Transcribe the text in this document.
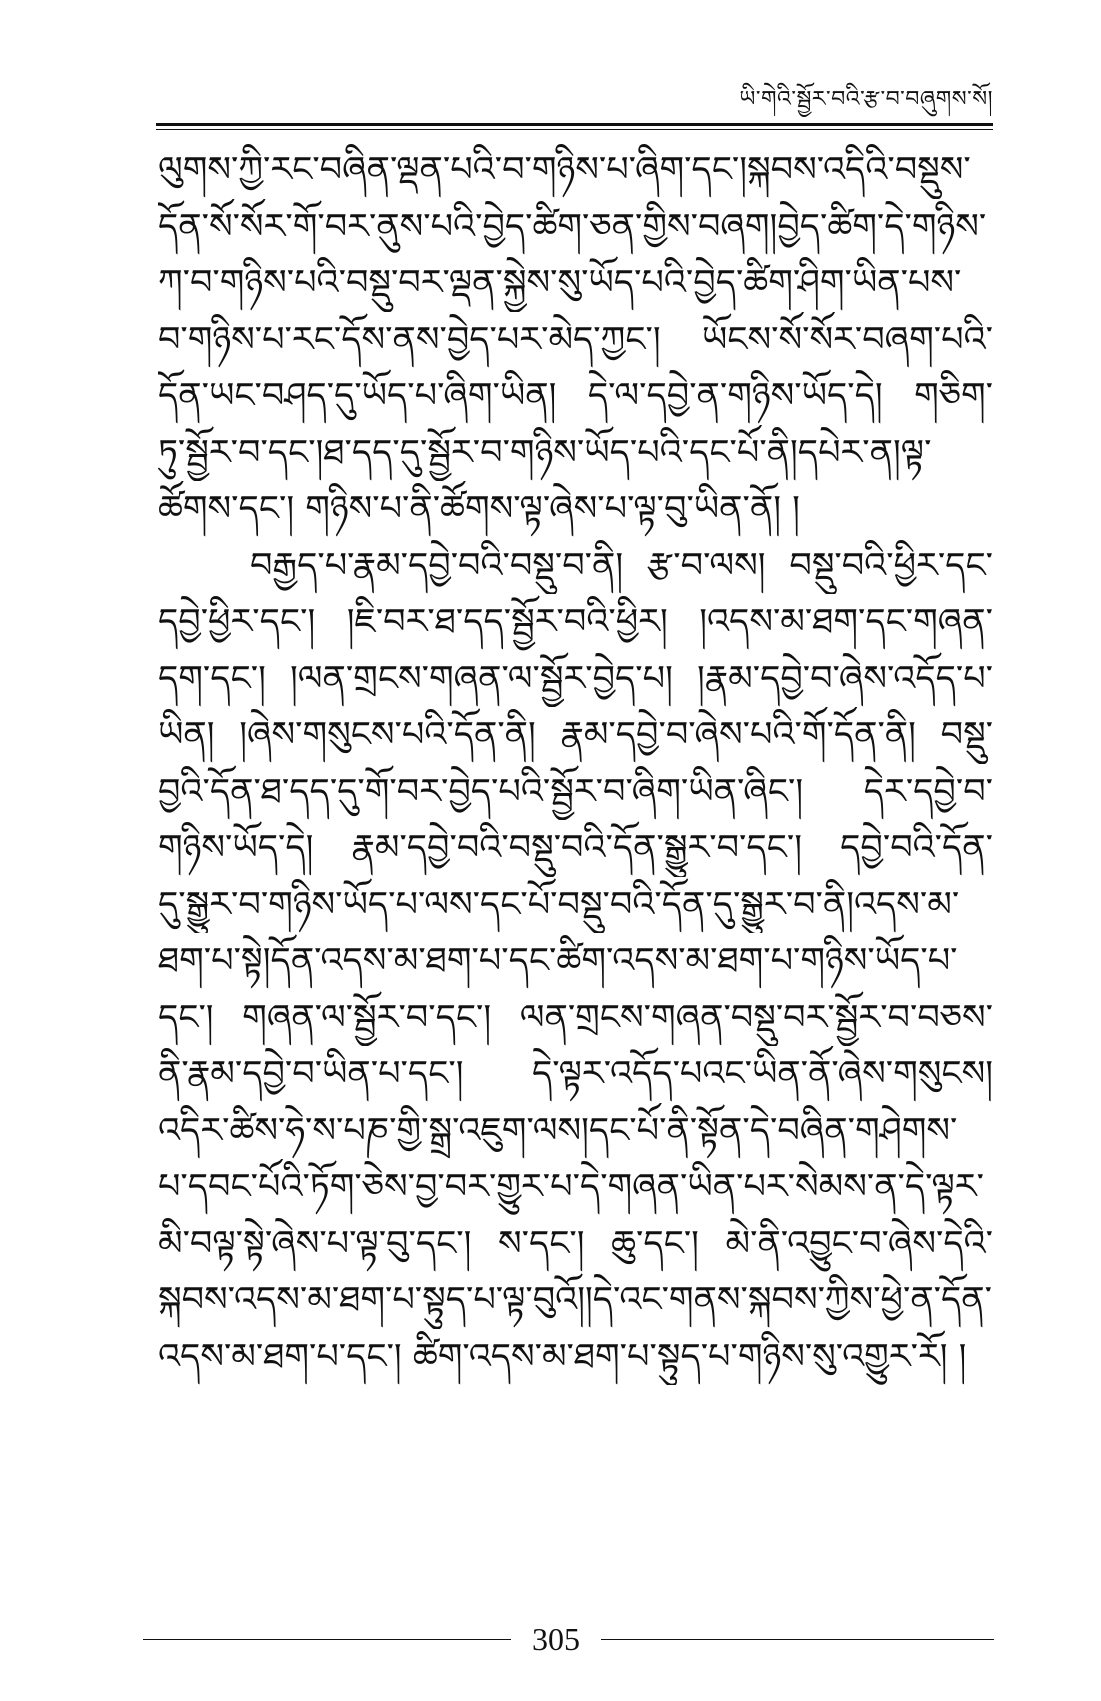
ཡི་གེའི་སྦྱོར་བའི་རྩ་བ་བཞུགས་སོ།
ལུགས་ཀྱི་རང་བཞིན་ལྡན་པའི་བ་གཉིས་པ་ཞིག་དང་།སྐབས་འདིའི་བསྡུས་
དོན་སོ་སོར་གོ་བར་ནུས་པའི་བྱེད་ཚིག་ཅན་གྱིས་བཞག།བྱེད་ཚིག་དེ་གཉིས་
ཀ་བ་གཉིས་པའི་བསྡུ་བར་ལྡན་སྐྱེས་སུ་ཡོད་པའི་བྱེད་ཚིག་ཤིག་ཡིན་པས་
བ་གཉིས་པ་རང་དོས་ནས་བྱེད་པར་མེད་ཀྱང་། ཡོངས་སོ་སོར་བཞག་པའི་
དོན་ཡང་བཤད་དུ་ཡོད་པ་ཞིག་ཡིན། དེ་ལ་དབྱེ་ན་གཉིས་ཡོད་དེ། གཅིག་
ཏུ་སྦྱོར་བ་དང་།ཐ་དད་དུ་སྦྱོར་བ་གཉིས་ཡོད་པའི་དང་པོ་ནི།དཔེར་ན།ལྟ་
ཚོགས་དང་། གཉིས་པ་ནི་ཚོགས་ལྟ་ཞེས་པ་ལྟ་བུ་ཡིན་ནོ། །
བརྒྱད་པ་རྣམ་དབྱེ་བའི་བསྡུ་བ་ནི། རྩ་བ་ལས། བསྡུ་བའི་ཕྱིར་དང་
དབྱེ་ཕྱིར་དང་། །ཇི་བར་ཐ་དད་སྦྱོར་བའི་ཕྱིར། །འདས་མ་ཐག་དང་གཞན་
དག་དང་། །ལན་གྲངས་གཞན་ལ་སྦྱོར་བྱེད་པ། །རྣམ་དབྱེ་བ་ཞེས་འདོད་པ་
ཡིན། །ཞེས་གསུངས་པའི་དོན་ནི། རྣམ་དབྱེ་བ་ཞེས་པའི་གོ་དོན་ནི། བསྡུ་
བྱའི་དོན་ཐ་དད་དུ་གོ་བར་བྱེད་པའི་སྦྱོར་བ་ཞིག་ཡིན་ཞིང་། དེར་དབྱེ་བ་
གཉིས་ཡོད་དེ། རྣམ་དབྱེ་བའི་བསྡུ་བའི་དོན་སྒྱུར་བ་དང་། དབྱེ་བའི་དོན་
དུ་སྒྱུར་བ་གཉིས་ཡོད་པ་ལས་དང་པོ་བསྡུ་བའི་དོན་དུ་སྒྱུར་བ་ནི།འདས་མ་
ཐག་པ་སྟེ།དོན་འདས་མ་ཐག་པ་དང་ཚིག་འདས་མ་ཐག་པ་གཉིས་ཡོད་པ་
དང་། གཞན་ལ་སྦྱོར་བ་དང་། ལན་གྲངས་གཞན་བསྡུ་བར་སྦྱོར་བ་བཅས་
ནི་རྣམ་དབྱེ་བ་ཡིན་པ་དང་། དེ་ལྟར་འདོད་པའང་ཡིན་ནོ་ཞེས་གསུངས།
འདིར་ཚིས་ཧེ་ས་པཎ་གྱི་སྒྲ་འཇུག་ལས།དང་པོ་ནི་སྟོན་དེ་བཞིན་གཤེགས་
པ་དབང་པོའི་ཏོག་ཅེས་བྱ་བར་གྱུར་པ་དེ་གཞན་ཡིན་པར་སེམས་ན་དེ་ལྟར་
མི་བལྟ་སྟེ་ཞེས་པ་ལྟ་བུ་དང་། ས་དང་། ཆུ་དང་། མེ་ནི་འབྱུང་བ་ཞེས་དེའི་
སྐབས་འདས་མ་ཐག་པ་སྟུད་པ་ལྟ་བུའོ།།དེ་འང་གནས་སྐབས་ཀྱིས་ཕྱེ་ན་དོན་
འདས་མ་ཐག་པ་དང་། ཚིག་འདས་མ་ཐག་པ་སྟུད་པ་གཉིས་སུ་འགྱུར་རོ། །
305
